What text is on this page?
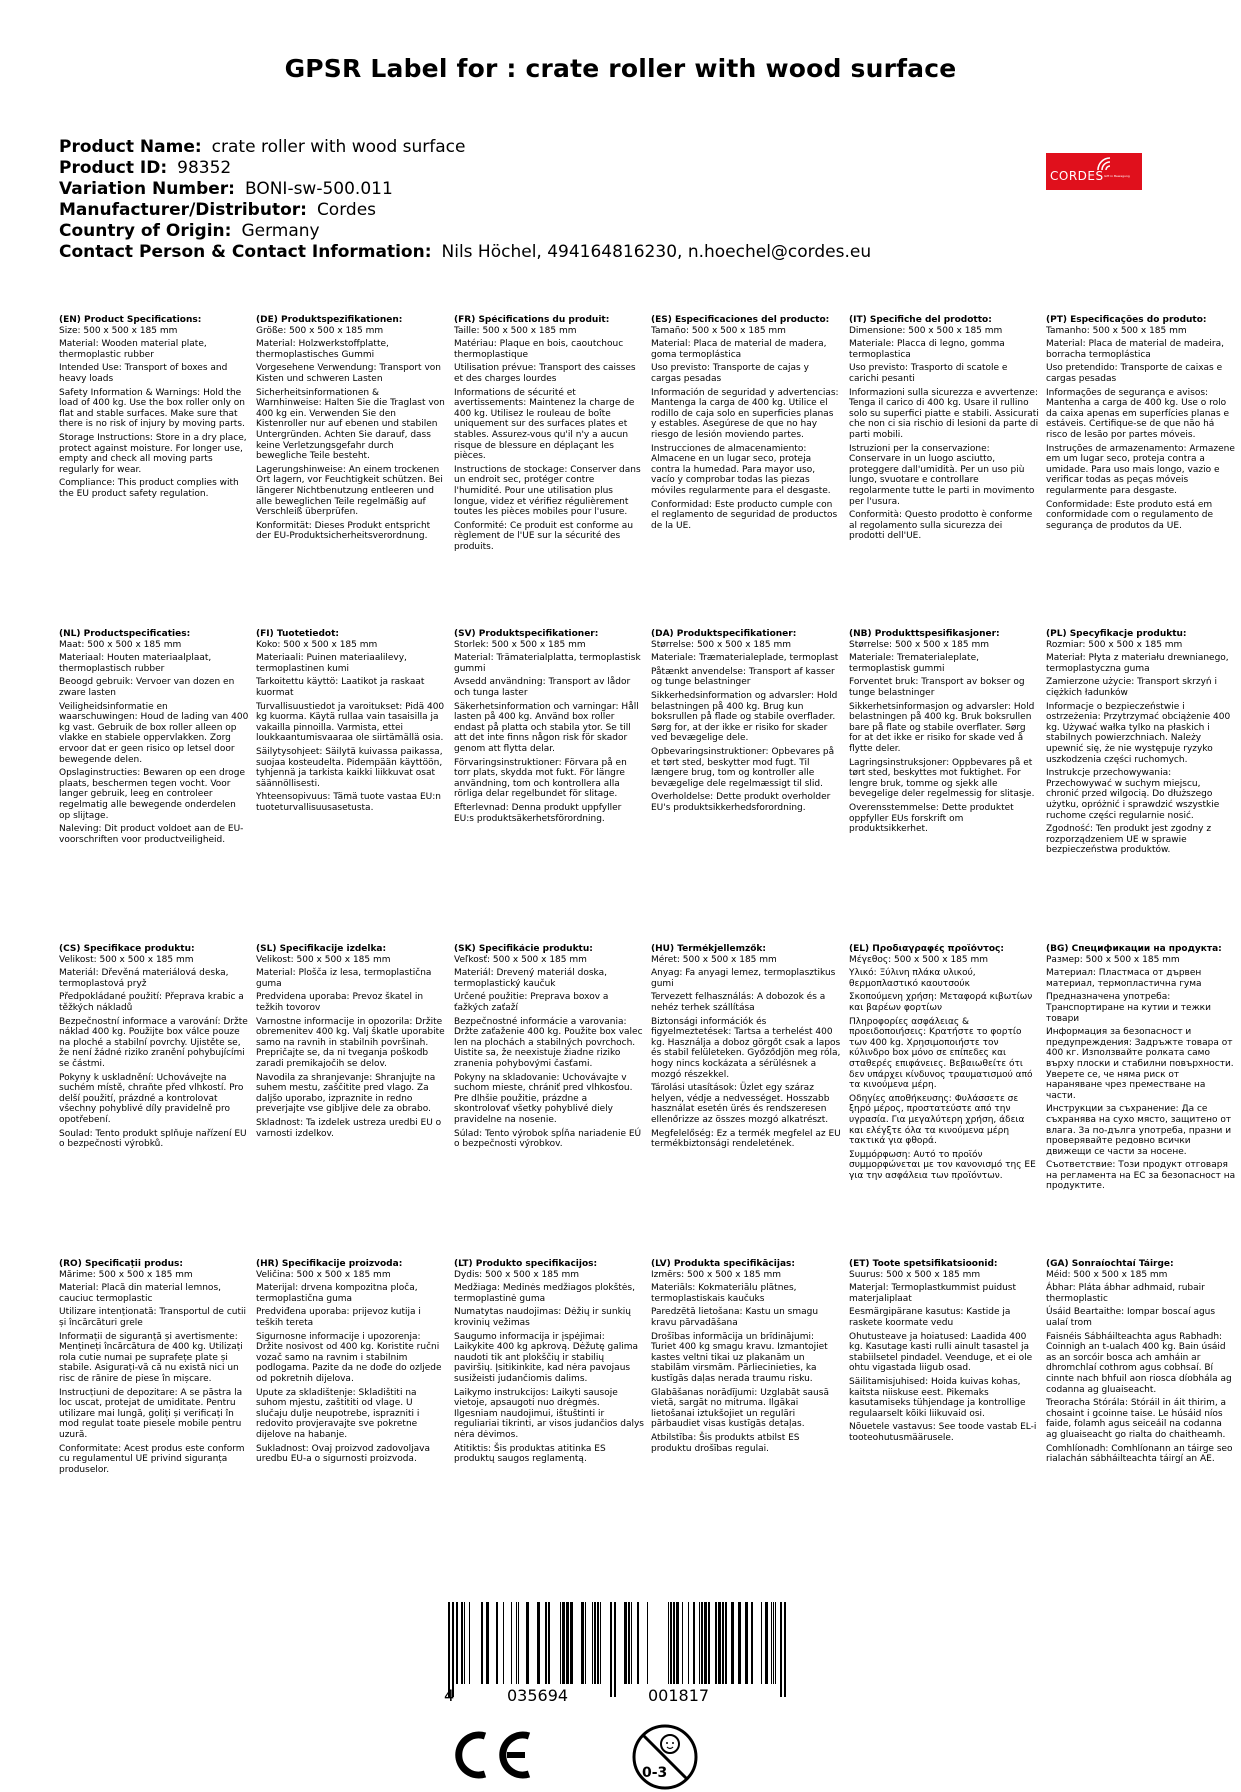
GPSR Label for : crate roller with wood surface
Product Name: crate roller with wood surface
Product ID: 98352
Variation Number: BONI-sw-500.011
Manufacturer/Distributor: Cordes
Country of Origin: Germany
Contact Person & Contact Information: Nils Höchel, 494164816230, n.hoechel@cordes.eu
CORDES Gift in Bewegung
(EN) Product Specifications:
Size: 500 x 500 x 185 mm
Material: Wooden material plate, thermoplastic rubber
Intended Use: Transport of boxes and heavy loads
Safety Information & Warnings: Hold the load of 400 kg. Use the box roller only on flat and stable surfaces. Make sure that there is no risk of injury by moving parts.
Storage Instructions: Store in a dry place, protect against moisture. For longer use, empty and check all moving parts regularly for wear.
Compliance: This product complies with the EU product safety regulation.
(DE) Produktspezifikationen:
Größe: 500 x 500 x 185 mm
Material: Holzwerkstoffplatte, thermoplastisches Gummi
Vorgesehene Verwendung: Transport von Kisten und schweren Lasten
Sicherheitsinformationen & Warnhinweise: Halten Sie die Traglast von 400 kg ein. Verwenden Sie den Kistenroller nur auf ebenen und stabilen Untergründen. Achten Sie darauf, dass keine Verletzungsgefahr durch bewegliche Teile besteht.
Lagerungshinweise: An einem trockenen Ort lagern, vor Feuchtigkeit schützen. Bei längerer Nichtbenutzung entleeren und alle beweglichen Teile regelmäßig auf Verschleiß überprüfen.
Konformität: Dieses Produkt entspricht der EU-Produktsicherheitsverordnung.
(FR) Spécifications du produit:
Taille: 500 x 500 x 185 mm
Matériau: Plaque en bois, caoutchouc thermoplastique
Utilisation prévue: Transport des caisses et des charges lourdes
Informations de sécurité et avertissements: Maintenez la charge de 400 kg. Utilisez le rouleau de boîte uniquement sur des surfaces plates et stables. Assurez-vous qu'il n'y a aucun risque de blessure en déplaçant les pièces.
Instructions de stockage: Conserver dans un endroit sec, protéger contre l'humidité. Pour une utilisation plus longue, videz et vérifiez régulièrement toutes les pièces mobiles pour l'usure.
Conformité: Ce produit est conforme au règlement de l'UE sur la sécurité des produits.
(ES) Especificaciones del producto:
Tamaño: 500 x 500 x 185 mm
Material: Placa de material de madera, goma termoplástica
Uso previsto: Transporte de cajas y cargas pesadas
Información de seguridad y advertencias: Mantenga la carga de 400 kg. Utilice el rodillo de caja solo en superficies planas y estables. Asegúrese de que no hay riesgo de lesión moviendo partes.
Instrucciones de almacenamiento: Almacene en un lugar seco, proteja contra la humedad. Para mayor uso, vacío y comprobar todas las piezas móviles regularmente para el desgaste.
Conformidad: Este producto cumple con el reglamento de seguridad de productos de la UE.
(IT) Specifiche del prodotto:
Dimensione: 500 x 500 x 185 mm
Materiale: Placca di legno, gomma termoplastica
Uso previsto: Trasporto di scatole e carichi pesanti
Informazioni sulla sicurezza e avvertenze: Tenga il carico di 400 kg. Usare il rullino solo su superfici piatte e stabili. Assicurati che non ci sia rischio di lesioni da parte di parti mobili.
Istruzioni per la conservazione: Conservare in un luogo asciutto, proteggere dall'umidità. Per un uso più lungo, svuotare e controllare regolarmente tutte le parti in movimento per l'usura.
Conformità: Questo prodotto è conforme al regolamento sulla sicurezza dei prodotti dell'UE.
(PT) Especificações do produto:
Tamanho: 500 x 500 x 185 mm
Material: Placa de material de madeira, borracha termoplástica
Uso pretendido: Transporte de caixas e cargas pesadas
Informações de segurança e avisos: Mantenha a carga de 400 kg. Use o rolo da caixa apenas em superfícies planas e estáveis. Certifique-se de que não há risco de lesão por partes móveis.
Instruções de armazenamento: Armazene em um lugar seco, proteja contra a umidade. Para uso mais longo, vazio e verificar todas as peças móveis regularmente para desgaste.
Conformidade: Este produto está em conformidade com o regulamento de segurança de produtos da UE.
(NL) Productspecificaties:
Maat: 500 x 500 x 185 mm
Materiaal: Houten materiaalplaat, thermoplastisch rubber
Beoogd gebruik: Vervoer van dozen en zware lasten
Veiligheidsinformatie en waarschuwingen: Houd de lading van 400 kg vast. Gebruik de box roller alleen op vlakke en stabiele oppervlakken. Zorg ervoor dat er geen risico op letsel door bewegende delen.
Opslaginstructies: Bewaren op een droge plaats, beschermen tegen vocht. Voor langer gebruik, leeg en controleer regelmatig alle bewegende onderdelen op slijtage.
Naleving: Dit product voldoet aan de EU-voorschriften voor productveiligheid.
(FI) Tuotetiedot:
Koko: 500 x 500 x 185 mm
Materiaali: Puinen materiaalilevy, termoplastinen kumi
Tarkoitettu käyttö: Laatikot ja raskaat kuormat
Turvallisuustiedot ja varoitukset: Pidä 400 kg kuorma. Käytä rullaa vain tasaisilla ja vakailla pinnoilla. Varmista, ettei loukkaantumisvaaraa ole siirtämällä osia.
Säilytysohjeet: Säilytä kuivassa paikassa, suojaa kosteudelta. Pidempään käyttöön, tyhjennä ja tarkista kaikki liikkuvat osat säännöllisesti.
Yhteensopivuus: Tämä tuote vastaa EU:n tuoteturvallisuusasetusta.
(SV) Produktspecifikationer:
Storlek: 500 x 500 x 185 mm
Material: Trämaterialplatta, termoplastisk gummi
Avsedd användning: Transport av lådor och tunga laster
Säkerhetsinformation och varningar: Håll lasten på 400 kg. Använd box roller endast på platta och stabila ytor. Se till att det inte finns någon risk för skador genom att flytta delar.
Förvaringsinstruktioner: Förvara på en torr plats, skydda mot fukt. För längre användning, tom och kontrollera alla rörliga delar regelbundet för slitage.
Efterlevnad: Denna produkt uppfyller EU:s produktsäkerhetsförordning.
(DA) Produktspecifikationer:
Størrelse: 500 x 500 x 185 mm
Materiale: Træmaterialeplade, termoplast
Påtænkt anvendelse: Transport af kasser og tunge belastninger
Sikkerhedsinformation og advarsler: Hold belastningen på 400 kg. Brug kun boksrullen på flade og stabile overflader. Sørg for, at der ikke er risiko for skader ved bevægelige dele.
Opbevaringsinstruktioner: Opbevares på et tørt sted, beskytter mod fugt. Til længere brug, tom og kontroller alle bevægelige dele regelmæssigt til slid.
Overholdelse: Dette produkt overholder EU's produktsikkerhedsforordning.
(NB) Produkttspesifikasjoner:
Størrelse: 500 x 500 x 185 mm
Materiale: Trematerialeplate, termoplastisk gummi
Forventet bruk: Transport av bokser og tunge belastninger
Sikkerhetsinformasjon og advarsler: Hold belastningen på 400 kg. Bruk boksrullen bare på flate og stabile overflater. Sørg for at det ikke er risiko for skade ved å flytte deler.
Lagringsinstruksjoner: Oppbevares på et tørt sted, beskyttes mot fuktighet. For lengre bruk, tomme og sjekk alle bevegelige deler regelmessig for slitasje.
Overensstemmelse: Dette produktet oppfyller EUs forskrift om produktsikkerhet.
(PL) Specyfikacje produktu:
Rozmiar: 500 x 500 x 185 mm
Materiał: Płyta z materiału drewnianego, termoplastyczna guma
Zamierzone użycie: Transport skrzyń i ciężkich ładunków
Informacje o bezpieczeństwie i ostrzeżenia: Przytrzymać obciążenie 400 kg. Używać wałka tylko na płaskich i stabilnych powierzchniach. Należy upewnić się, że nie występuje ryzyko uszkodzenia części ruchomych.
Instrukcje przechowywania: Przechowywać w suchym miejscu, chronić przed wilgocią. Do dłuższego użytku, opróżnić i sprawdzić wszystkie ruchome części regularnie nosić.
Zgodność: Ten produkt jest zgodny z rozporządzeniem UE w sprawie bezpieczeństwa produktów.
(CS) Specifikace produktu:
Velikost: 500 x 500 x 185 mm
Materiál: Dřevěná materiálová deska, termoplastová pryž
Předpokládané použití: Přeprava krabic a těžkých nákladů
Bezpečnostní informace a varování: Držte náklad 400 kg. Použijte box válce pouze na ploché a stabilní povrchy. Ujistěte se, že není žádné riziko zranění pohybujícími se částmi.
Pokyny k uskladnění: Uchovávejte na suchém místě, chraňte před vlhkostí. Pro delší použití, prázdné a kontrolovat všechny pohyblivé díly pravidelně pro opotřebení.
Soulad: Tento produkt splňuje nařízení EU o bezpečnosti výrobků.
(SL) Specifikacije izdelka:
Velikost: 500 x 500 x 185 mm
Material: Plošča iz lesa, termoplastična guma
Predvidena uporaba: Prevoz škatel in težkih tovorov
Varnostne informacije in opozorila: Držite obremenitev 400 kg. Valj škatle uporabite samo na ravnih in stabilnih površinah. Prepričajte se, da ni tveganja poškodb zaradi premikajočih se delov.
Navodila za shranjevanje: Shranjujte na suhem mestu, zaščitite pred vlago. Za daljšo uporabo, izpraznite in redno preverjajte vse gibljive dele za obrabo.
Skladnost: Ta izdelek ustreza uredbi EU o varnosti izdelkov.
(SK) Špecifikácie produktu:
Veľkosť: 500 x 500 x 185 mm
Materiál: Drevený materiál doska, termoplastický kaučuk
Určené použitie: Preprava boxov a ťažkých zaťaží
Bezpečnostné informácie a varovania: Držte zaťaženie 400 kg. Použite box valec len na plochách a stabilných povrchoch. Uistite sa, že neexistuje žiadne riziko zranenia pohybovými časťami.
Pokyny na skladovanie: Uchovávajte v suchom mieste, chrániť pred vlhkosťou. Pre dlhšie použitie, prázdne a skontrolovať všetky pohyblivé diely pravidelne na nosenie.
Súlad: Tento výrobok spĺňa nariadenie EÚ o bezpečnosti výrobkov.
(HU) Termékjellemzők:
Méret: 500 x 500 x 185 mm
Anyag: Fa anyagi lemez, termoplasztikus gumi
Tervezett felhasználás: A dobozok és a nehéz terhek szállítása
Biztonsági információk és figyelmeztetések: Tartsa a terhelést 400 kg. Használja a doboz görgőt csak a lapos és stabil felületeken. Győződjön meg róla, hogy nincs kockázata a sérülésnek a mozgó részekkel.
Tárolási utasítások: Üzlet egy száraz helyen, védje a nedvességet. Hosszabb használat esetén ürés és rendszeresen ellenőrizze az összes mozgó alkatrészt.
Megfelelőség: Ez a termék megfelel az EU termékbiztonsági rendeletének.
(EL) Προδιαγραφές προϊόντος:
Μέγεθος: 500 x 500 x 185 mm
Υλικό: Ξύλινη πλάκα υλικού, θερμοπλαστικό καουτσούκ
Σκοπούμενη χρήση: Μεταφορά κιβωτίων και βαρέων φορτίων
Πληροφορίες ασφάλειας & προειδοποιήσεις: Κρατήστε το φορτίο των 400 kg. Χρησιμοποιήστε τον κύλινδρο box μόνο σε επίπεδες και σταθερές επιφάνειες. Βεβαιωθείτε ότι δεν υπάρχει κίνδυνος τραυματισμού από τα κινούμενα μέρη.
Οδηγίες αποθήκευσης: Φυλάσσετε σε ξηρό μέρος, προστατεύστε από την υγρασία. Για μεγαλύτερη χρήση, άδεια και ελέγξτε όλα τα κινούμενα μέρη τακτικά για φθορά.
Συμμόρφωση: Αυτό το προϊόν συμμορφώνεται με τον κανονισμό της ΕΕ για την ασφάλεια των προϊόντων.
(BG) Спецификации на продукта:
Размер: 500 x 500 x 185 mm
Материал: Пластмаса от дървен материал, термопластична гума
Предназначена употреба: Транспортиране на кутии и тежки товари
Информация за безопасност и предупреждения: Задръжте товара от 400 кг. Използвайте ролката само върху плоски и стабилни повърхности. Уверете се, че няма риск от нараняване чрез преместване на части.
Инструкции за съхранение: Да се съхранява на сухо място, защитено от влага. За по-дълга употреба, празни и проверявайте редовно всички движещи се части за носене.
Съответствие: Този продукт отговаря на регламента на ЕС за безопасност на продуктите.
(RO) Specificații produs:
Mărime: 500 x 500 x 185 mm
Material: Placă din material lemnos, cauciuc termoplastic
Utilizare intenționată: Transportul de cutii și încărcături grele
Informații de siguranță și avertismente: Mențineți încărcătura de 400 kg. Utilizați rola cutie numai pe suprafețe plate și stabile. Asigurați-vă că nu există nici un risc de rănire de piese în mișcare.
Instrucțiuni de depozitare: A se păstra la loc uscat, protejat de umiditate. Pentru utilizare mai lungă, goliți și verificați în mod regulat toate piesele mobile pentru uzură.
Conformitate: Acest produs este conform cu regulamentul UE privind siguranța produselor.
(HR) Specifikacije proizvoda:
Veličina: 500 x 500 x 185 mm
Materijal: drvena kompozitna ploča, termoplastična guma
Predviđena uporaba: prijevoz kutija i teških tereta
Sigurnosne informacije i upozorenja: Držite nosivost od 400 kg. Koristite ručni vozač samo na ravnim i stabilnim podlogama. Pazite da ne dođe do ozljede od pokretnih dijelova.
Upute za skladištenje: Skladištiti na suhom mjestu, zaštititi od vlage. U slučaju dulje neupotrebe, isprazniti i redovito provjeravajte sve pokretne dijelove na habanje.
Sukladnost: Ovaj proizvod zadovoljava uredbu EU-a o sigurnosti proizvoda.
(LT) Produkto specifikacijos:
Dydis: 500 x 500 x 185 mm
Medžiaga: Medinės medžiagos plokštės, termoplastinė guma
Numatytas naudojimas: Dėžių ir sunkių krovinių vežimas
Saugumo informacija ir įspėjimai: Laikykite 400 kg apkrovą. Dėžutę galima naudoti tik ant plokščių ir stabilių paviršių. Įsitikinkite, kad nėra pavojaus susižeisti judančiomis dalims.
Laikymo instrukcijos: Laikyti sausoje vietoje, apsaugoti nuo drėgmės. Ilgesniam naudojimui, ištuštinti ir reguliariai tikrinti, ar visos judančios dalys nėra dėvimos.
Atitiktis: Šis produktas atitinka ES produktų saugos reglamentą.
(LV) Produkta specifikācijas:
Izmērs: 500 x 500 x 185 mm
Materiāls: Kokmateriālu plātnes, termoplastiskais kaučuks
Paredzētā lietošana: Kastu un smagu kravu pārvadāšana
Drošības informācija un brīdinājumi: Turiet 400 kg smagu kravu. Izmantojiet kastes veltni tikai uz plakanām un stabilām virsmām. Pārliecinieties, ka kustīgās daļas nerada traumu risku.
Glabāšanas norādījumi: Uzglabāt sausā vietā, sargāt no mitruma. Ilgākai lietošanai iztukšojiet un regulāri pārbaudiet visas kustīgās detaļas.
Atbilstība: Šis produkts atbilst ES produktu drošības regulai.
(ET) Toote spetsifikatsioonid:
Suurus: 500 x 500 x 185 mm
Materjal: Termoplastkummist puidust materjaliplaat
Eesmärgipärane kasutus: Kastide ja raskete koormate vedu
Ohutusteave ja hoiatused: Laadida 400 kg. Kasutage kasti rulli ainult tasastel ja stabiilsetel pindadel. Veenduge, et ei ole ohtu vigastada liigub osad.
Säilitamisjuhised: Hoida kuivas kohas, kaitsta niiskuse eest. Pikemaks kasutamiseks tühjendage ja kontrollige regulaarselt kõiki liikuvaid osi.
Nõuetele vastavus: See toode vastab EL-i tooteohutusmäärusele.
(GA) Sonraíochtaí Táirge:
Méid: 500 x 500 x 185 mm
Ábhar: Pláta ábhar adhmaid, rubair thermoplastic
Úsáid Beartaithe: Iompar boscaí agus ualaí trom
Faisnéis Sábháilteachta agus Rabhadh: Coinnigh an t-ualach 400 kg. Bain úsáid as an sorcóir bosca ach amháin ar dhromchlaí cothrom agus cobhsaí. Bí cinnte nach bhfuil aon riosca díobhála ag codanna ag gluaiseacht.
Treoracha Stórála: Stóráil in áit thirim, a chosaint i gcoinne taise. Le húsáid níos faide, folamh agus seiceáil na codanna ag gluaiseacht go rialta do chaitheamh.
Comhlíonadh: Comhlíonann an táirge seo rialachán sábháilteachta táirgí an AE.
4	035694	001817
CE
0-3
